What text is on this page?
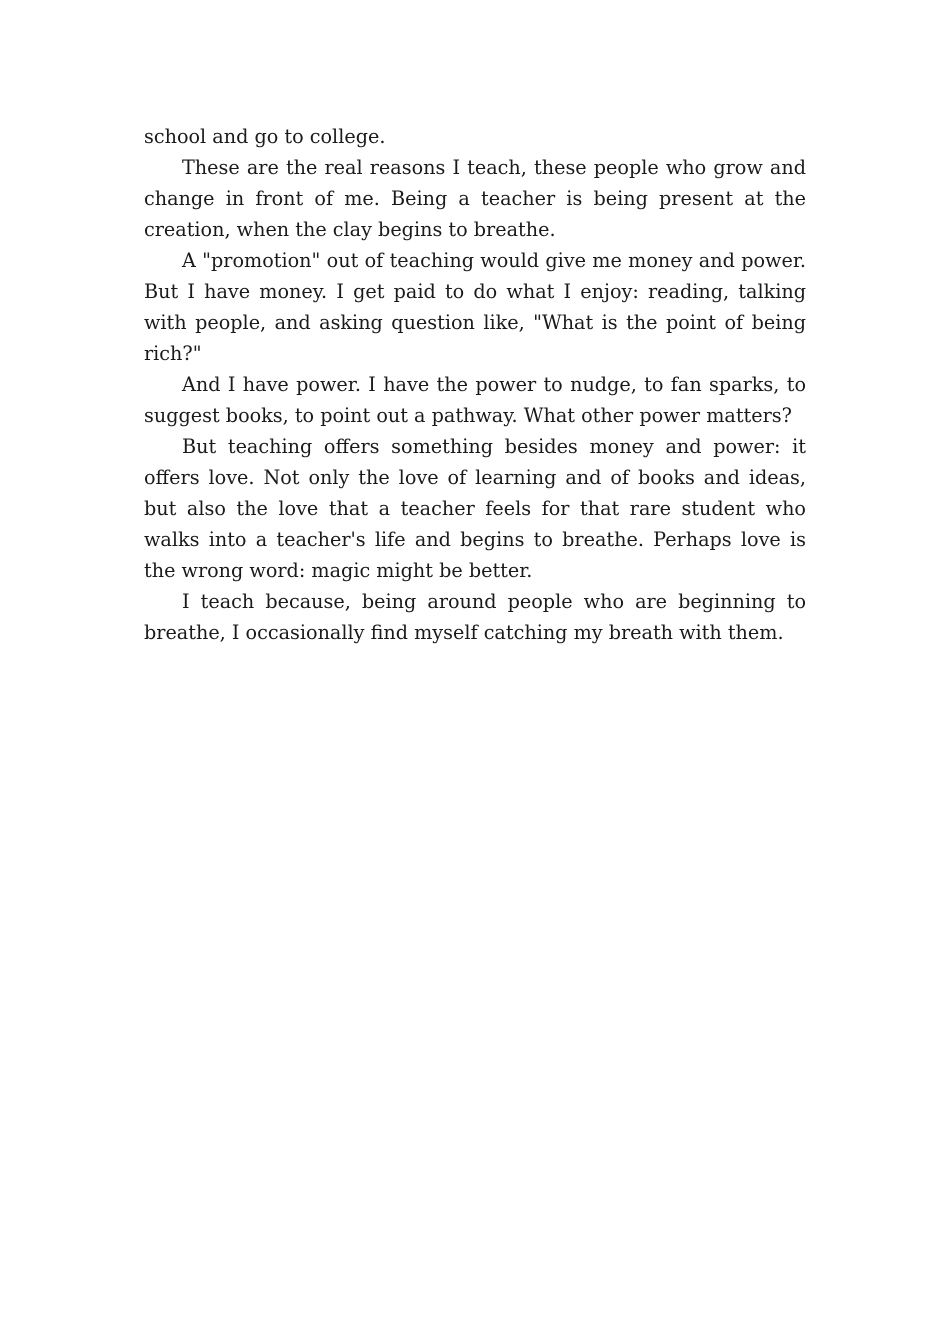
school and go to college.

These are the real reasons I teach, these people who grow and change in front of me. Being a teacher is being present at the creation, when the clay begins to breathe.

A "promotion" out of teaching would give me money and power. But I have money. I get paid to do what I enjoy: reading, talking with people, and asking question like, "What is the point of being rich?"

And I have power. I have the power to nudge, to fan sparks, to suggest books, to point out a pathway. What other power matters?

But teaching offers something besides money and power: it offers love. Not only the love of learning and of books and ideas, but also the love that a teacher feels for that rare student who walks into a teacher's life and begins to breathe. Perhaps love is the wrong word: magic might be better.

I teach because, being around people who are beginning to breathe, I occasionally find myself catching my breath with them.
